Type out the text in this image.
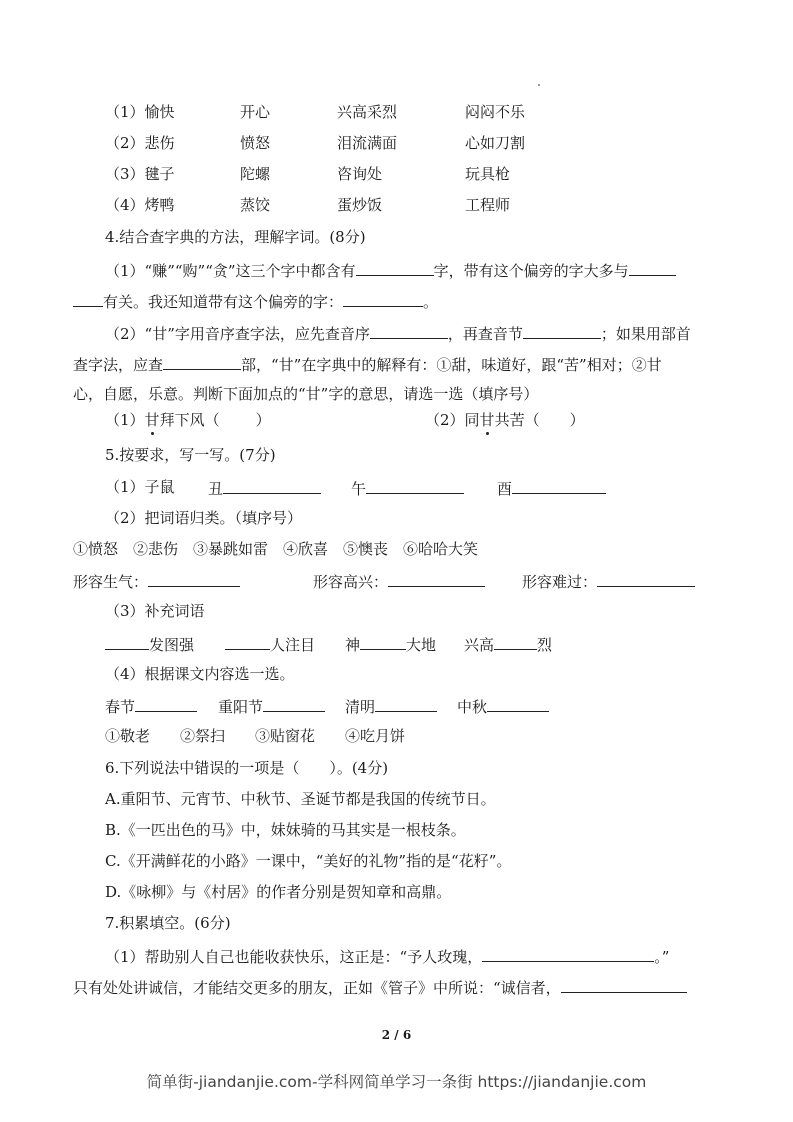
（1）愉快	开心	兴高采烈	闷闷不乐
（2）悲伤	愤怒	泪流满面	心如刀割
（3）毽子	陀螺	咨询处	玩具枪
（4）烤鸭	蒸饺	蛋炒饭	工程师
4.结合查字典的方法，理解字词。(8分)
（1）“赚”“购”“贪”这三个字中都含有	字，带有这个偏旁的字大多与
有关。我还知道带有这个偏旁的字：	。
（2）“甘”字用音序查字法，应先查音序	，再查音节	；如果用部首
查字法，应查	部，“甘”在字典中的解释有：①甜，味道好，跟“苦”相对；②甘
心，自愿，乐意。判断下面加点的“甘”字的意思，请选一选（填序号）
（1）甘拜下风（ ）	（2）同甘共苦（ ）
5.按要求，写一写。(7分)
（1）子鼠 丑	午	酉
（2）把词语归类。（填序号）
①愤怒　②悲伤　③暴跳如雷　④欣喜　⑤懊丧　⑥哈哈大笑
形容生气：	形容高兴：	形容难过：
（3）补充词语
发图强	人注目 神	大地 兴高	烈
（4）根据课文内容选一选。
春节	重阳节	清明	中秋
①敬老　　②祭扫　　③贴窗花　　④吃月饼
6.下列说法中错误的一项是（　　）。(4分)
A.重阳节、元宵节、中秋节、圣诞节都是我国的传统节日。
B.《一匹出色的马》中，妹妹骑的马其实是一根枝条。
C.《开满鲜花的小路》一课中，“美好的礼物”指的是“花籽”。
D.《咏柳》与《村居》的作者分别是贺知章和高鼎。
7.积累填空。(6分)
（1）帮助别人自己也能收获快乐，这正是：“予人玫瑰，	。”
只有处处讲诚信，才能结交更多的朋友，正如《管子》中所说：“诚信者，
2 / 6
简单街-jiandanjie.com-学科网简单学习一条街 https://jiandanjie.com
